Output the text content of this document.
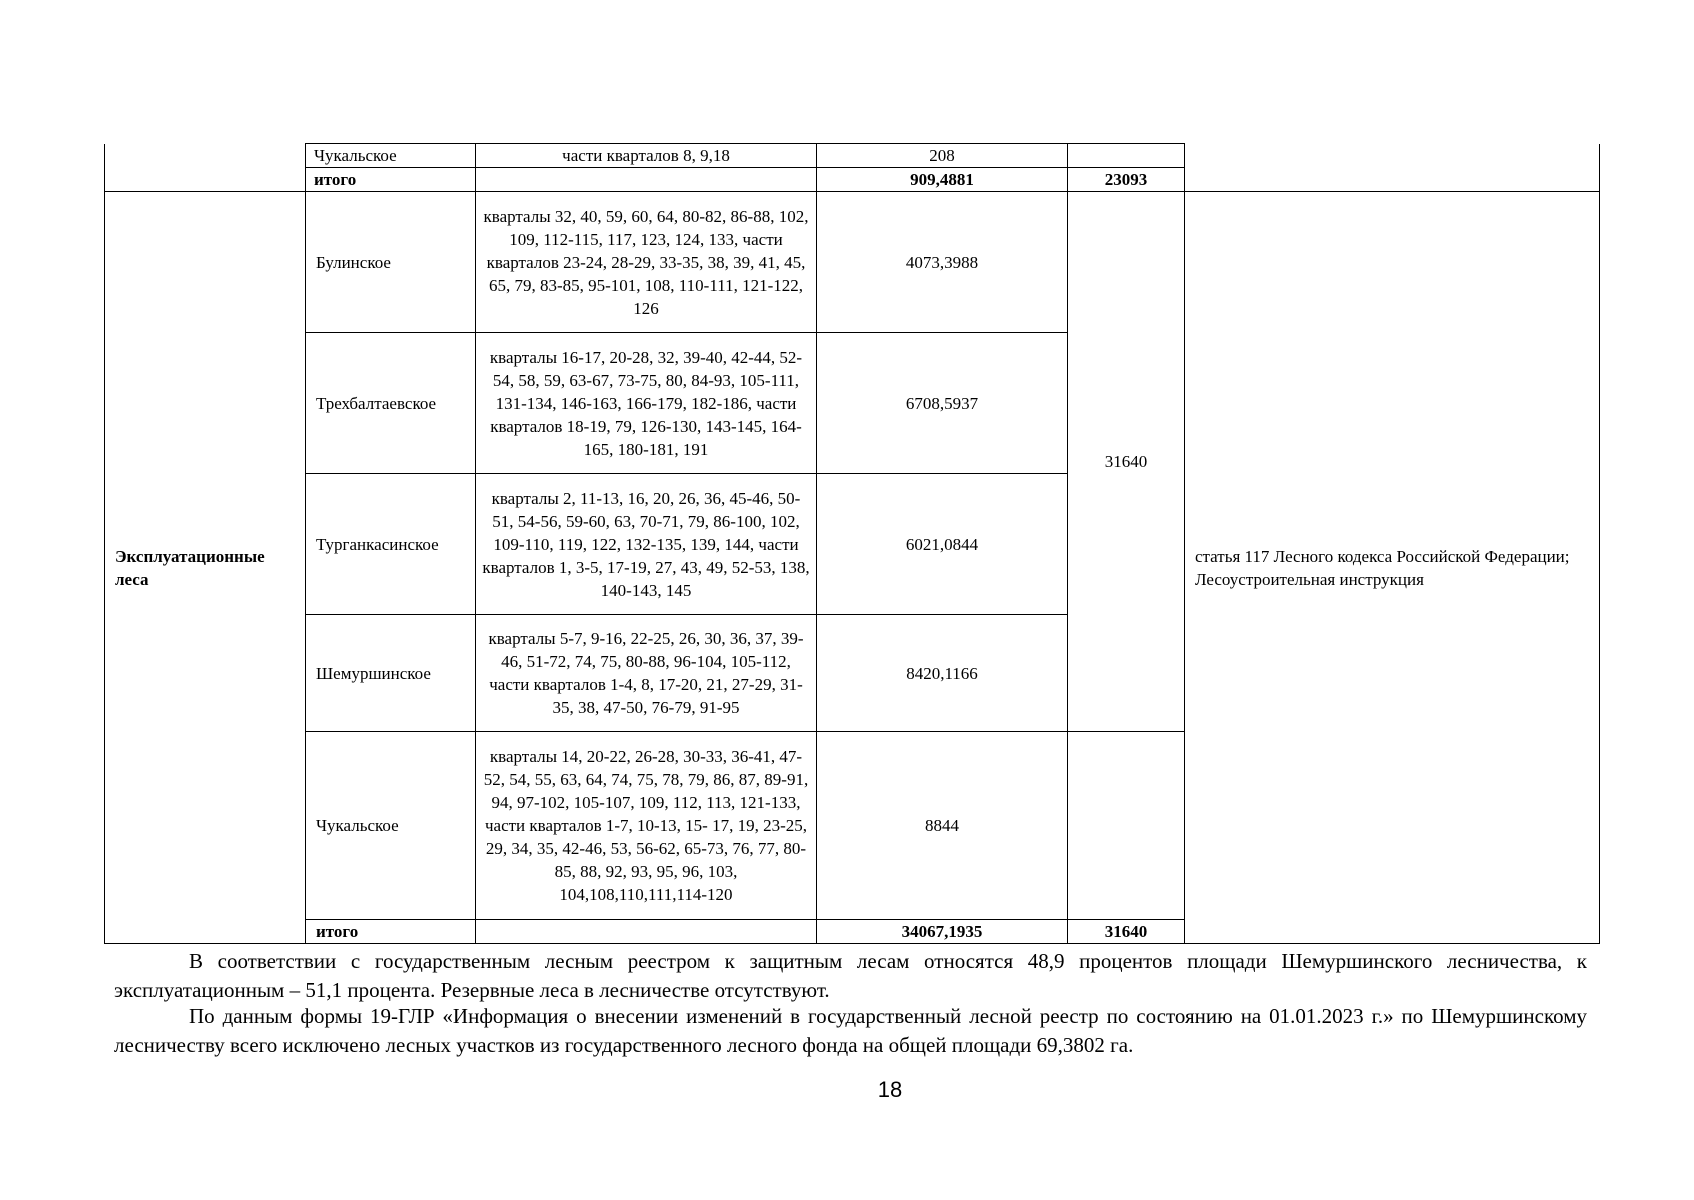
	Чукальское	части кварталов 8, 9,18	208		
	итого		909,4881	23093	
Эксплуатационные леса	Булинское	кварталы 32, 40, 59, 60, 64, 80-82, 86-88, 102, 109, 112-115, 117, 123, 124, 133, части кварталов 23-24, 28-29, 33-35, 38, 39, 41, 45, 65, 79, 83-85, 95-101, 108, 110-111, 121-122, 126	4073,3988	31640	статья 117 Лесного кодекса Российской Федерации;
Лесоустроительная инструкция

	Трехбалтаевское	кварталы 16-17, 20-28, 32, 39-40, 42-44, 52-54, 58, 59, 63-67, 73-75, 80, 84-93, 105-111, 131-134, 146-163, 166-179, 182-186, части кварталов 18-19, 79, 126-130, 143-145, 164-165, 180-181, 191	6708,5937		
	Турганкасинское	кварталы 2, 11-13, 16, 20, 26, 36, 45-46, 50-51, 54-56, 59-60, 63, 70-71, 79, 86-100, 102, 109-110, 119, 122, 132-135, 139, 144, части кварталов 1, 3-5, 17-19, 27, 43, 49, 52-53, 138, 140-143, 145	6021,0844		
	Шемуршинское	кварталы 5-7, 9-16, 22-25, 26, 30, 36, 37, 39-46, 51-72, 74, 75, 80-88, 96-104, 105-112, части кварталов 1-4, 8, 17-20, 21, 27-29, 31-35, 38, 47-50, 76-79, 91-95	8420,1166		
	Чукальское	кварталы 14, 20-22, 26-28, 30-33, 36-41, 47-52, 54, 55, 63, 64, 74, 75, 78, 79, 86, 87, 89-91, 94, 97-102, 105-107, 109, 112, 113, 121-133, части кварталов 1-7, 10-13, 15- 17, 19, 23-25, 29, 34, 35, 42-46, 53, 56-62, 65-73, 76, 77, 80-85, 88, 92, 93, 95, 96, 103, 104,108,110,111,114-120	8844		
	итого		34067,1935	31640	

В соответствии с государственным лесным реестром к защитным лесам относятся 48,9 процентов площади Шемуршинского лесничества, к эксплуатационным – 51,1 процента. Резервные леса в лесничестве отсутствуют.

По данным формы 19-ГЛР «Информация о внесении изменений в государственный лесной реестр по состоянию на 01.01.2023 г.» по Шемуршинскому лесничеству всего исключено лесных участков из государственного лесного фонда на общей площади 69,3802 га.

18
